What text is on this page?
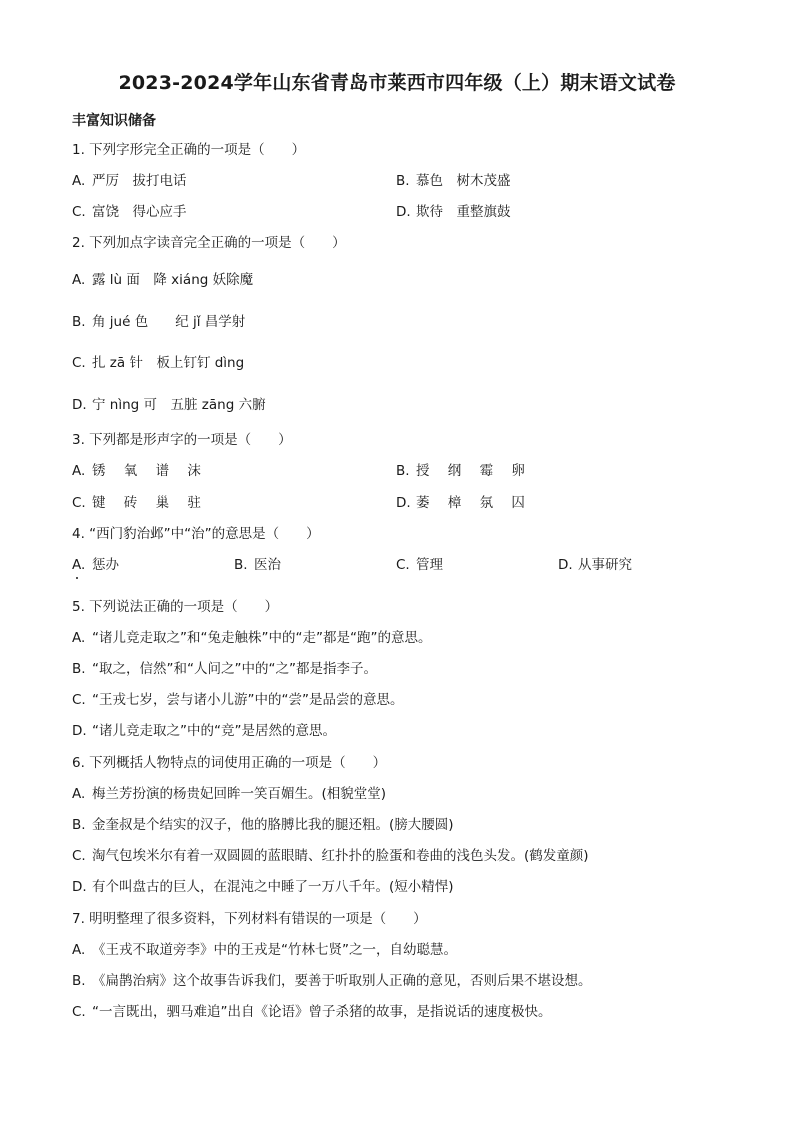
2023-2024学年山东省青岛市莱西市四年级（上）期末语文试卷
丰富知识储备
1. 下列字形完全正确的一项是（　　）
A. 严厉　拔打电话	B. 慕色　树木茂盛
C. 富饶　得心应手	D. 欺待　重整旗鼓
2. 下列加点字读音完全正确的一项是（　　）
A. 露 lù 面　降 xiáng 妖除魔
B. 角 jué 色　　纪 jǐ 昌学射
C. 扎 zā 针　板上钉钉 dìng
D. 宁 nìng 可　五脏 zāng 六腑
3. 下列都是形声字的一项是（　　）
A. 锈 氧 谱 沫	B. 授 纲 霉 卵
C. 键 砖 巢 驻	D. 萎 樟 氛 囚
4. “西门豹治邺”中“治”的意思是（　　）
A. 惩办	B. 医治	C. 管理	D. 从事研究
5. 下列说法正确的一项是（　　）
A. “诸儿竞走取之”和“兔走触株”中的“走”都是“跑”的意思。
B. “取之，信然”和“人问之”中的“之”都是指李子。
C. “王戎七岁，尝与诸小儿游”中的“尝”是品尝的意思。
D. “诸儿竞走取之”中的“竞”是居然的意思。
6. 下列概括人物特点的词使用正确的一项是（　　）
A. 梅兰芳扮演的杨贵妃回眸一笑百媚生。(相貌堂堂)
B. 金奎叔是个结实的汉子，他的胳膊比我的腿还粗。(膀大腰圆)
C. 淘气包埃米尔有着一双圆圆的蓝眼睛、红扑扑的脸蛋和卷曲的浅色头发。(鹤发童颜)
D. 有个叫盘古的巨人，在混沌之中睡了一万八千年。(短小精悍)
7. 明明整理了很多资料，下列材料有错误的一项是（　　）
A. 《王戎不取道旁李》中的王戎是“竹林七贤”之一，自幼聪慧。
B. 《扁鹊治病》这个故事告诉我们，要善于听取别人正确的意见，否则后果不堪设想。
C. “一言既出，驷马难追”出自《论语》曾子杀猪的故事，是指说话的速度极快。
